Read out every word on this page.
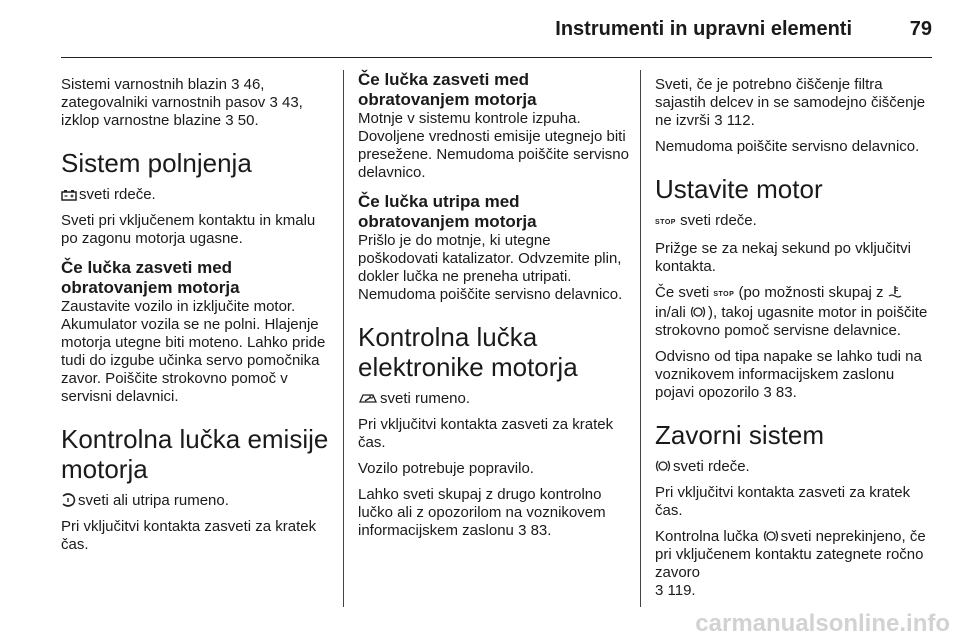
Instrumenti in upravni elementi	79

Sistemi varnostnih blazin 3 46,
zategovalniki varnostnih pasov 3 43,
izklop varnostne blazine 3 50.

Sistem polnjenja

sveti rdeče.

Sveti pri vključenem kontaktu in kmalu po zagonu motorja ugasne.

Če lučka zasveti med obratovanjem motorja

Zaustavite vozilo in izključite motor. Akumulator vozila se ne polni. Hlajenje motorja utegne biti moteno. Lahko pride tudi do izgube učinka servo pomočnika zavor. Poiščite strokovno pomoč v servisni delavnici.

Kontrolna lučka emisije motorja

sveti ali utripa rumeno.

Pri vključitvi kontakta zasveti za kratek čas.

Če lučka zasveti med obratovanjem motorja

Motnje v sistemu kontrole izpuha. Dovoljene vrednosti emisije utegnejo biti presežene. Nemudoma poiščite servisno delavnico.

Če lučka utripa med obratovanjem motorja

Prišlo je do motnje, ki utegne poškodovati katalizator. Odvzemite plin, dokler lučka ne preneha utripati. Nemudoma poiščite servisno delavnico.

Kontrolna lučka elektronike motorja

sveti rumeno.

Pri vključitvi kontakta zasveti za kratek čas.

Vozilo potrebuje popravilo.

Lahko sveti skupaj z drugo kontrolno lučko ali z opozorilom na voznikovem informacijskem zaslonu 3 83.

Sveti, če je potrebno čiščenje filtra sajastih delcev in se samodejno čiščenje ne izvrši 3 112.

Nemudoma poiščite servisno delavnico.

Ustavite motor

STOP sveti rdeče.

Prižge se za nekaj sekund po vključitvi kontakta.

Če sveti STOP (po možnosti skupaj z
in/ali ), takoj ugasnite motor in poiščite strokovno pomoč servisne delavnice.

Odvisno od tipa napake se lahko tudi na voznikovem informacijskem zaslonu pojavi opozorilo 3 83.

Zavorni sistem

sveti rdeče.

Pri vključitvi kontakta zasveti za kratek čas.

Kontrolna lučka sveti neprekinjeno, če pri vključenem kontaktu zategnete ročno zavoro
3 119.

carmanualsonline.info
